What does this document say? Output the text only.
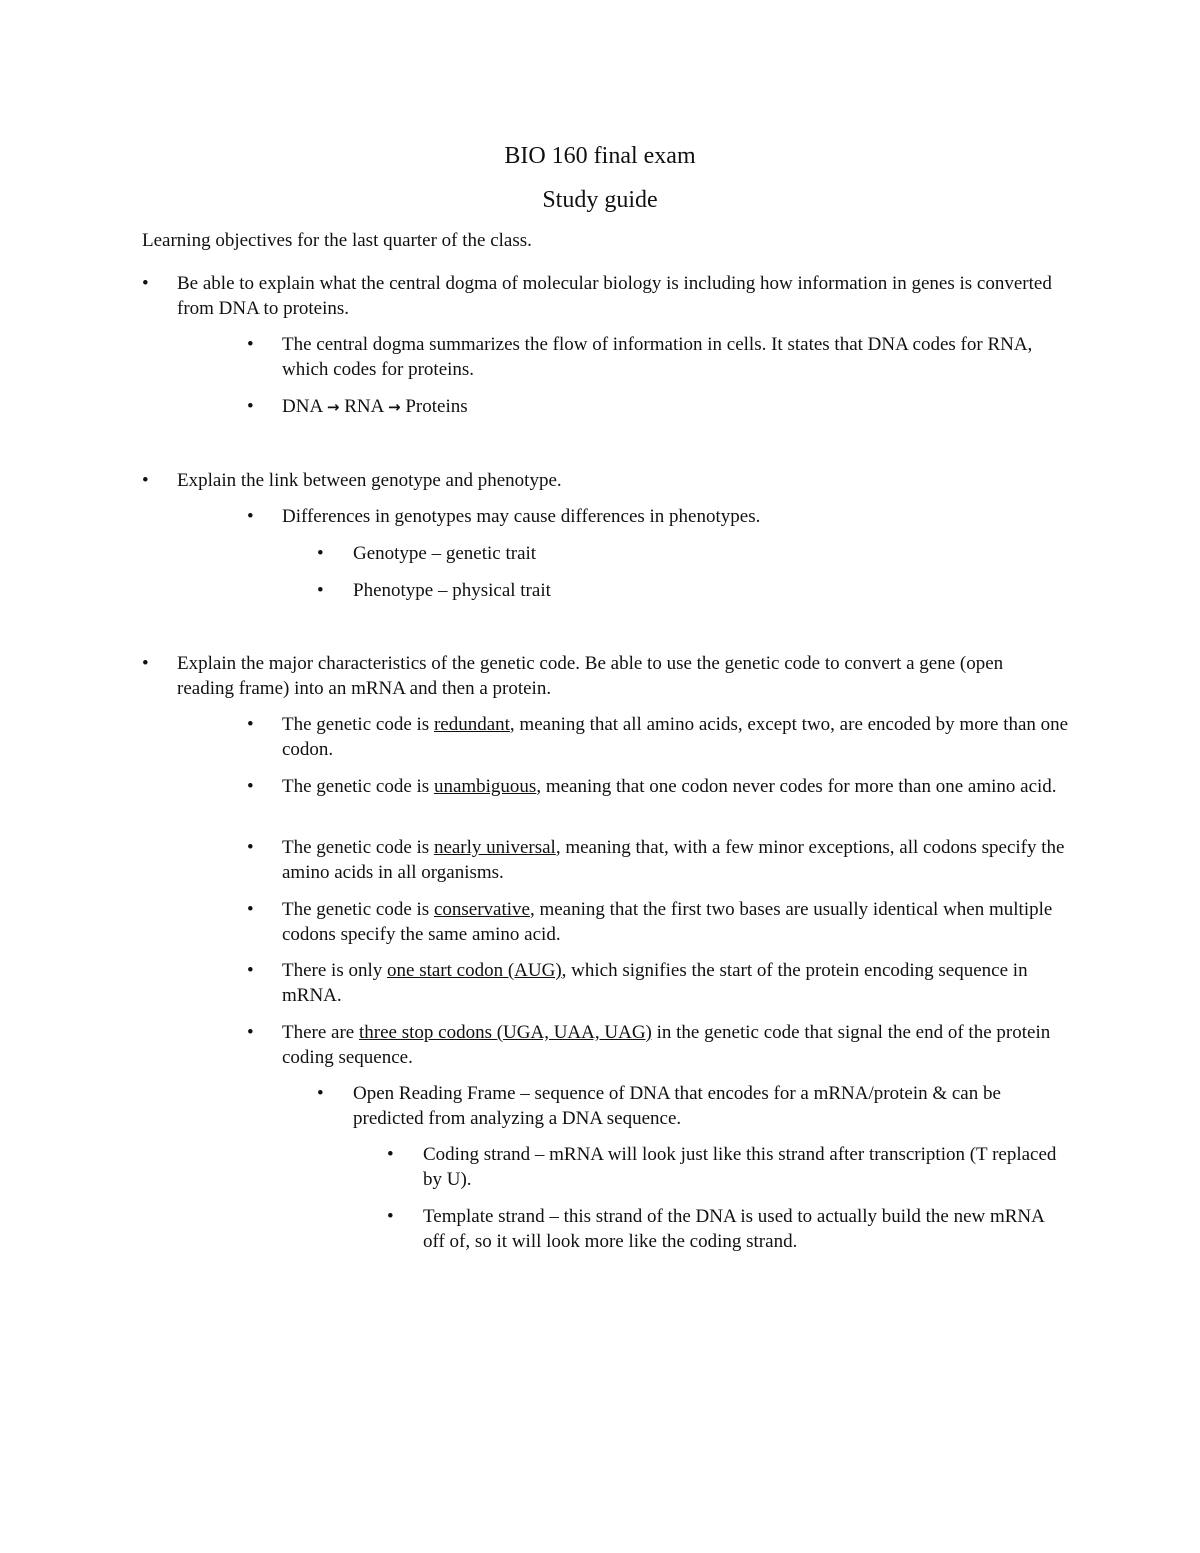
BIO 160 final exam
Study guide
Learning objectives for the last quarter of the class.
• Be able to explain what the central dogma of molecular biology is including how information in genes is converted from DNA to proteins.
• The central dogma summarizes the flow of information in cells. It states that DNA codes for RNA, which codes for proteins.
• DNA → RNA → Proteins
• Explain the link between genotype and phenotype.
• Differences in genotypes may cause differences in phenotypes.
• Genotype – genetic trait
• Phenotype – physical trait
• Explain the major characteristics of the genetic code. Be able to use the genetic code to convert a gene (open reading frame) into an mRNA and then a protein.
• The genetic code is redundant, meaning that all amino acids, except two, are encoded by more than one codon.
• The genetic code is unambiguous, meaning that one codon never codes for more than one amino acid.
• The genetic code is nearly universal, meaning that, with a few minor exceptions, all codons specify the amino acids in all organisms.
• The genetic code is conservative, meaning that the first two bases are usually identical when multiple codons specify the same amino acid.
• There is only one start codon (AUG), which signifies the start of the protein encoding sequence in mRNA.
• There are three stop codons (UGA, UAA, UAG) in the genetic code that signal the end of the protein coding sequence.
• Open Reading Frame – sequence of DNA that encodes for a mRNA/protein & can be predicted from analyzing a DNA sequence.
• Coding strand – mRNA will look just like this strand after transcription (T replaced by U).
• Template strand – this strand of the DNA is used to actually build the new mRNA off of, so it will look more like the coding strand.
